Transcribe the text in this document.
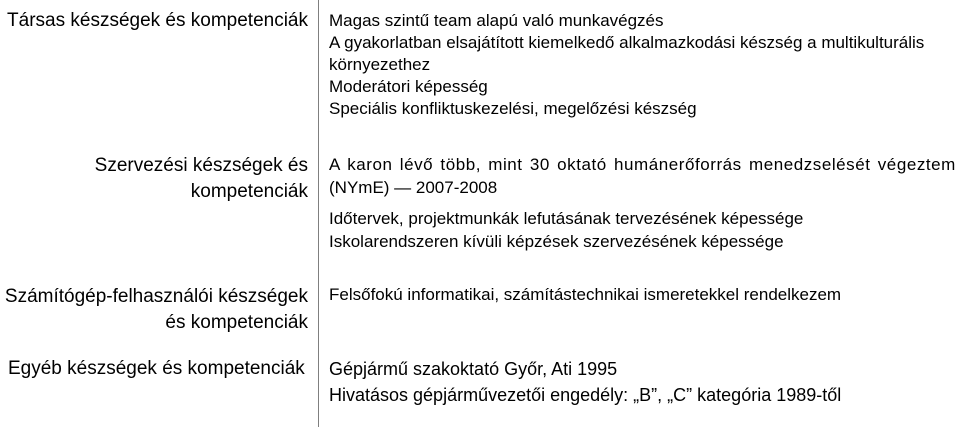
Társas készségek és kompetenciák Magas szintű team alapú való munkavégzés
A gyakorlatban elsajátított kiemelkedő alkalmazkodási készség a multikulturális
környezethez
Moderátori képesség
Speciális konfliktuskezelési, megelőzési készség
Szervezési készségek és
kompetenciák
A karon lévő több, mint 30 oktató humánerőforrás menedzselését végeztem
(NYmE) — 2007-2008
Időtervek, projektmunkák lefutásának tervezésének képessége
Iskolarendszeren kívüli képzések szervezésének képessége
Számítógép-felhasználói készségek
és kompetenciák
Felsőfokú informatikai, számítástechnikai ismeretekkel rendelkezem
Egyéb készségek és kompetenciák	Gépjármű szakoktató Győr, Ati 1995
Hivatásos gépjárművezetői engedély: „B”, „C” kategória 1989-től
